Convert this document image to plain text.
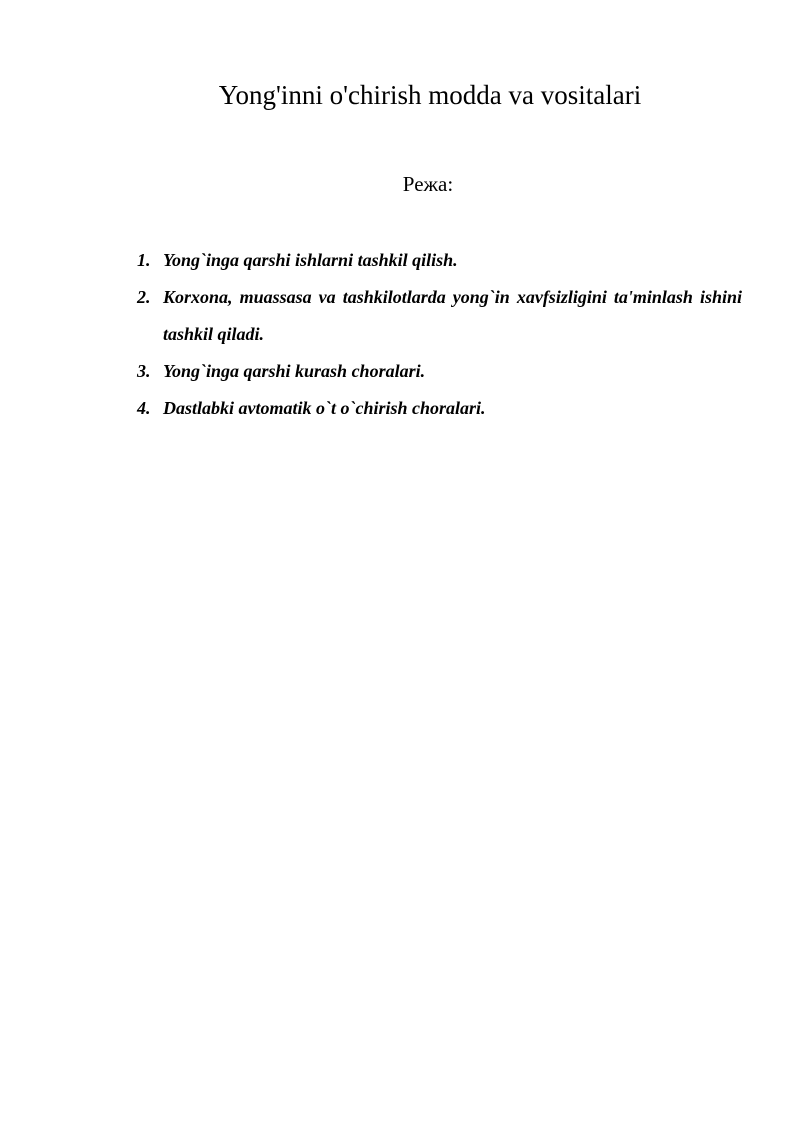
Yong'inni o'chirish modda va vositalari

Режа:

1. Yong`inga qarshi ishlarni tashkil qilish.
2. Korxona, muassasa va tashkilotlarda yong`in xavfsizligini ta'minlash ishini tashkil qiladi.
3. Yong`inga qarshi kurash choralari.
4. Dastlabki avtomatik o`t o`chirish choralari.
